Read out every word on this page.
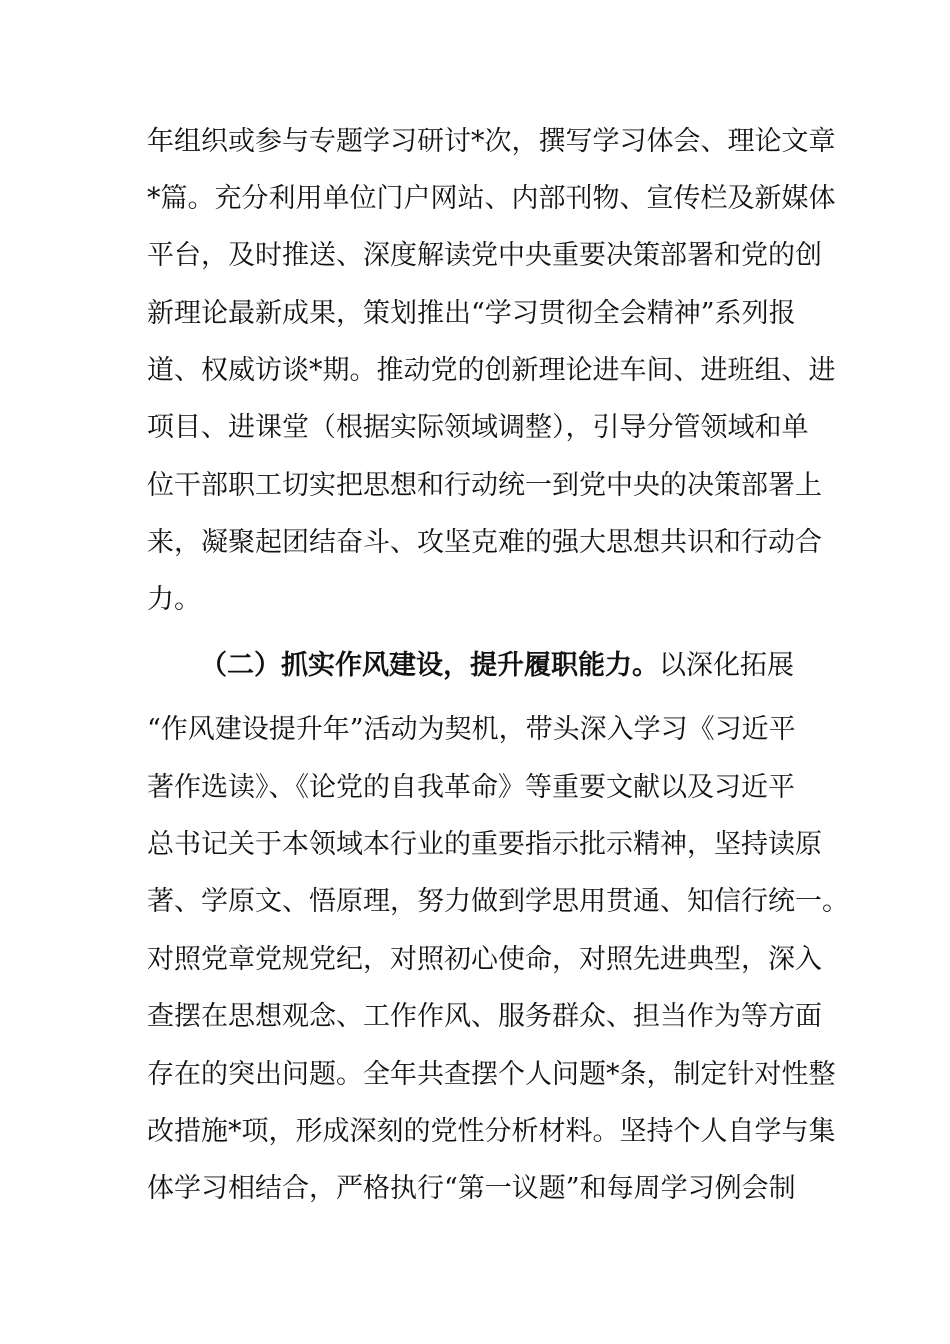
年组织或参与专题学习研讨*次，撰写学习体会、理论文章
*篇。充分利用单位门户网站、内部刊物、宣传栏及新媒体
平台，及时推送、深度解读党中央重要决策部署和党的创
新理论最新成果，策划推出“学习贯彻全会精神”系列报
道、权威访谈*期。推动党的创新理论进车间、进班组、进
项目、进课堂（根据实际领域调整），引导分管领域和单
位干部职工切实把思想和行动统一到党中央的决策部署上
来，凝聚起团结奋斗、攻坚克难的强大思想共识和行动合
力。
（二）抓实作风建设，提升履职能力。以深化拓展
“作风建设提升年”活动为契机，带头深入学习《习近平
著作选读》、《论党的自我革命》等重要文献以及习近平
总书记关于本领域本行业的重要指示批示精神，坚持读原
著、学原文、悟原理，努力做到学思用贯通、知信行统一。
对照党章党规党纪，对照初心使命，对照先进典型，深入
查摆在思想观念、工作作风、服务群众、担当作为等方面
存在的突出问题。全年共查摆个人问题*条，制定针对性整
改措施*项，形成深刻的党性分析材料。坚持个人自学与集
体学习相结合，严格执行“第一议题”和每周学习例会制
